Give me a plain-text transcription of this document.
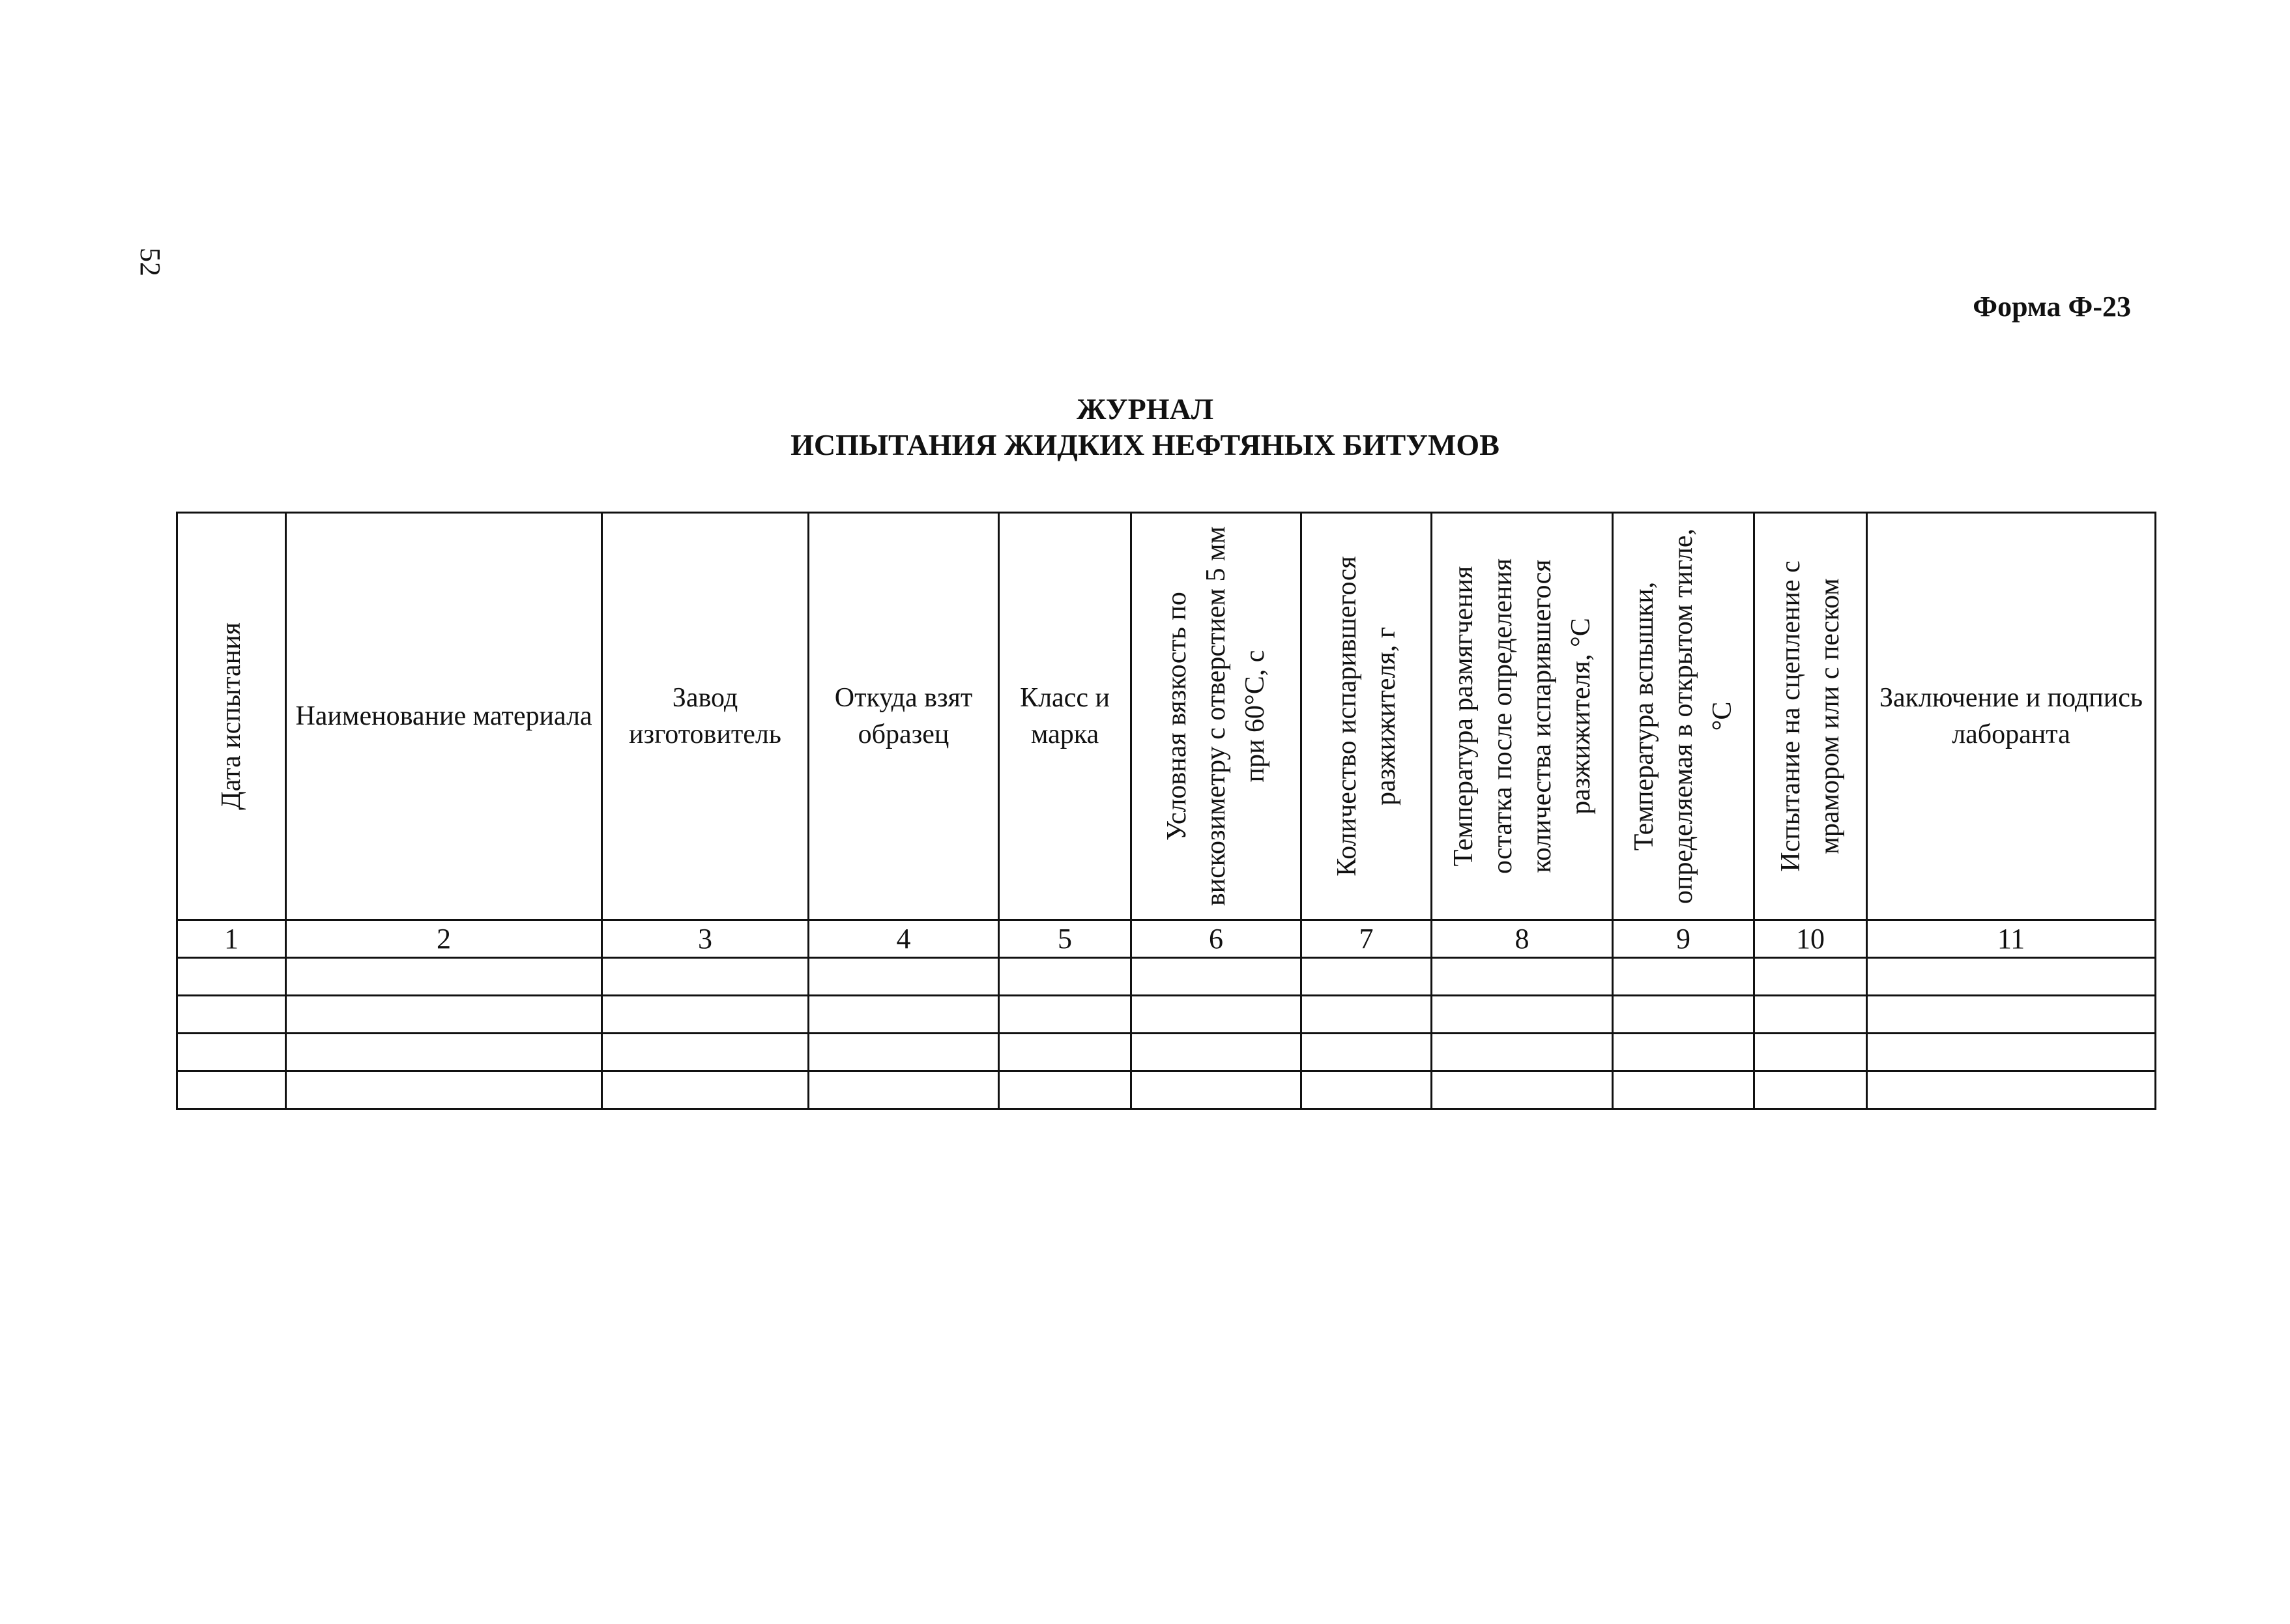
52
Форма Ф-23
ЖУРНАЛ
ИСПЫТАНИЯ ЖИДКИХ НЕФТЯНЫХ БИТУМОВ
Дата испытания	Наименование материала	Завод изготовитель	Откуда взят образец	Класс и марка	Условная вязкость по вискозиметру с отверстием 5 мм при 60°С, с	Количество испарившегося разжижителя, г	Температура размягчения остатка после определения количества испарившегося разжижителя, °С	Температура вспышки, определяемая в открытом тигле, °С	Испытание на сцепление с мрамором или с песком	Заключение и подпись лаборанта
1	2	3	4	5	6	7	8	9	10	11
